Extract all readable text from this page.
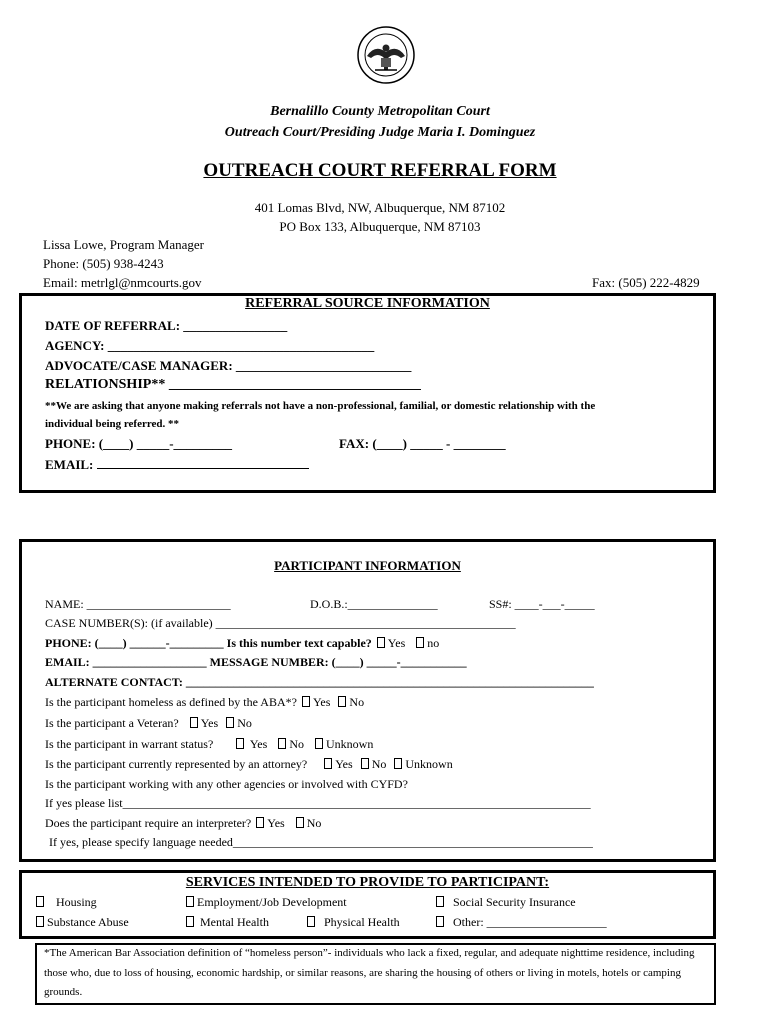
Bernalillo County Metropolitan Court
Outreach Court/Presiding Judge Maria I. Dominguez
OUTREACH COURT REFERRAL FORM
401 Lomas Blvd, NW, Albuquerque, NM 87102
PO Box 133, Albuquerque, NM 87103
Lissa Lowe, Program Manager
Phone: (505) 938-4243
Email: metrlgl@nmcourts.gov	Fax: (505) 222-4829
REFERRAL SOURCE INFORMATION
DATE OF REFERRAL: ________________
AGENCY: _________________________________________
ADVOCATE/CASE MANAGER: ___________________________
RELATIONSHIP** ____________________________________
**We are asking that anyone making referrals not have a non-professional, familial, or domestic relationship with the
individual being referred. **
PHONE: (____) _____-_________	FAX: (____) _____ - ________
EMAIL:
PARTICIPANT INFORMATION
NAME: ________________________	D.O.B.:_______________	SS#: ____-___-_____
CASE NUMBER(S): (if available) __________________________________________________
PHONE: (____) ______-_________ Is this number text capable? Yes no
EMAIL: ___________________ MESSAGE NUMBER: (____) _____-___________
ALTERNATE CONTACT: ____________________________________________________________________
Is the participant homeless as defined by the ABA*? Yes No
Is the participant a Veteran? Yes No
Is the participant in warrant status?	Yes No Unknown
Is the participant currently represented by an attorney? Yes No Unknown
Is the participant working with any other agencies or involved with CYFD?
If yes please list______________________________________________________________________________
Does the participant require an interpreter? Yes No
If yes, please specify language needed____________________________________________________________
SERVICES INTENDED TO PROVIDE TO PARTICIPANT:
Housing	Employment/Job Development	Social Security Insurance
Substance Abuse	Mental Health	Physical Health	Other: ____________________
*The American Bar Association definition of “homeless person”- individuals who lack a fixed, regular, and adequate nighttime residence, including those who, due to loss of housing, economic hardship, or similar reasons, are sharing the housing of others or living in motels, hotels or camping grounds.
